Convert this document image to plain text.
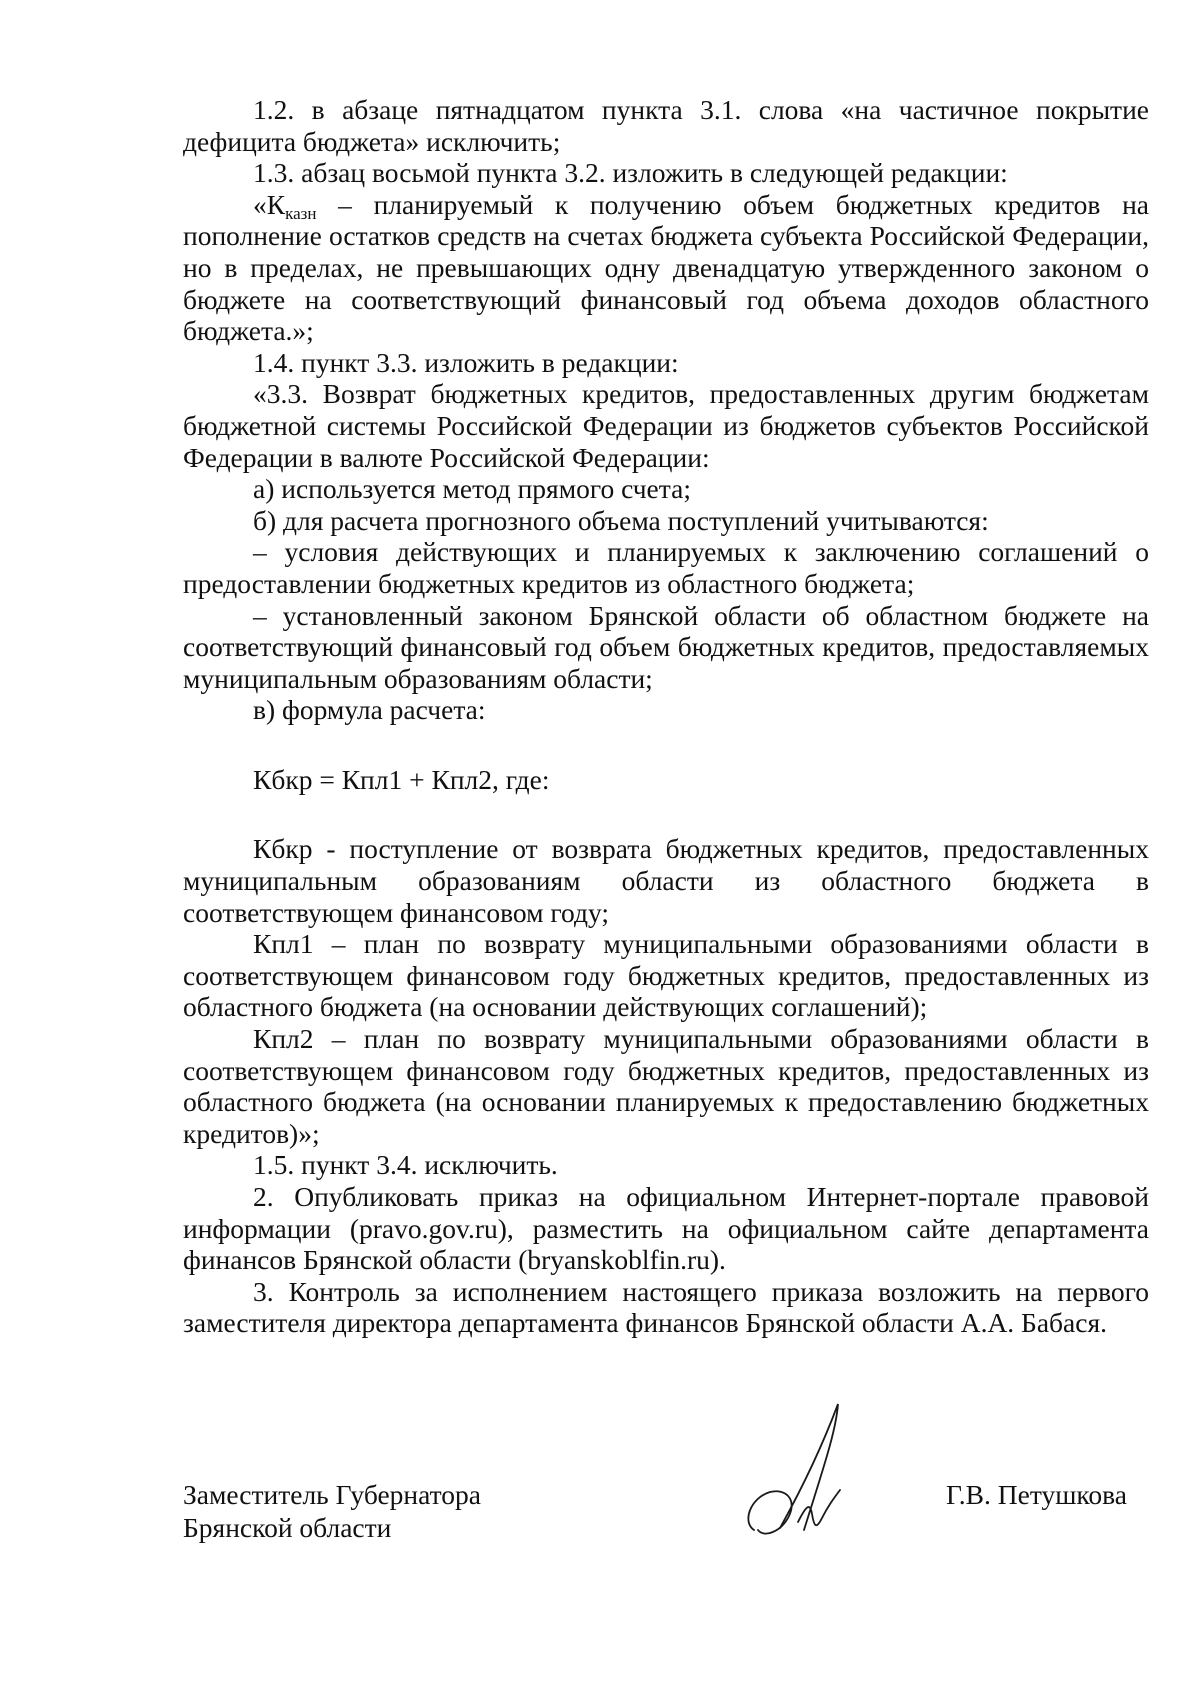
1.2. в абзаце пятнадцатом пункта 3.1. слова «на частичное покрытие дефицита бюджета» исключить;

1.3. абзац восьмой пункта 3.2. изложить в следующей редакции:

«$К_{казн}$ – планируемый к получению объем бюджетных кредитов на пополнение остатков средств на счетах бюджета субъекта Российской Федерации, но в пределах, не превышающих одну двенадцатую утвержденного законом о бюджете на соответствующий финансовый год объема доходов областного бюджета.»;

1.4. пункт 3.3. изложить в редакции:

«3.3. Возврат бюджетных кредитов, предоставленных другим бюджетам бюджетной системы Российской Федерации из бюджетов субъектов Российской Федерации в валюте Российской Федерации:

а) используется метод прямого счета;

б) для расчета прогнозного объема поступлений учитываются:

– условия действующих и планируемых к заключению соглашений о предоставлении бюджетных кредитов из областного бюджета;

– установленный законом Брянской области об областном бюджете на соответствующий финансовый год объем бюджетных кредитов, предоставляемых муниципальным образованиям области;

в) формула расчета:

Кбкр = Кпл1 + Кпл2, где:

Кбкр - поступление от возврата бюджетных кредитов, предоставленных муниципальным образованиям области из областного бюджета в соответствующем финансовом году;

Кпл1 – план по возврату муниципальными образованиями области в соответствующем финансовом году бюджетных кредитов, предоставленных из областного бюджета (на основании действующих соглашений);

Кпл2 – план по возврату муниципальными образованиями области в соответствующем финансовом году бюджетных кредитов, предоставленных из областного бюджета (на основании планируемых к предоставлению бюджетных кредитов)»;

1.5. пункт 3.4. исключить.

2. Опубликовать приказ на официальном Интернет-портале правовой информации (pravo.gov.ru), разместить на официальном сайте департамента финансов Брянской области (bryanskoblfin.ru).

3. Контроль за исполнением настоящего приказа возложить на первого заместителя директора департамента финансов Брянской области А.А. Бабася.

Заместитель Губернатора
Брянской области
Г.В. Петушкова
